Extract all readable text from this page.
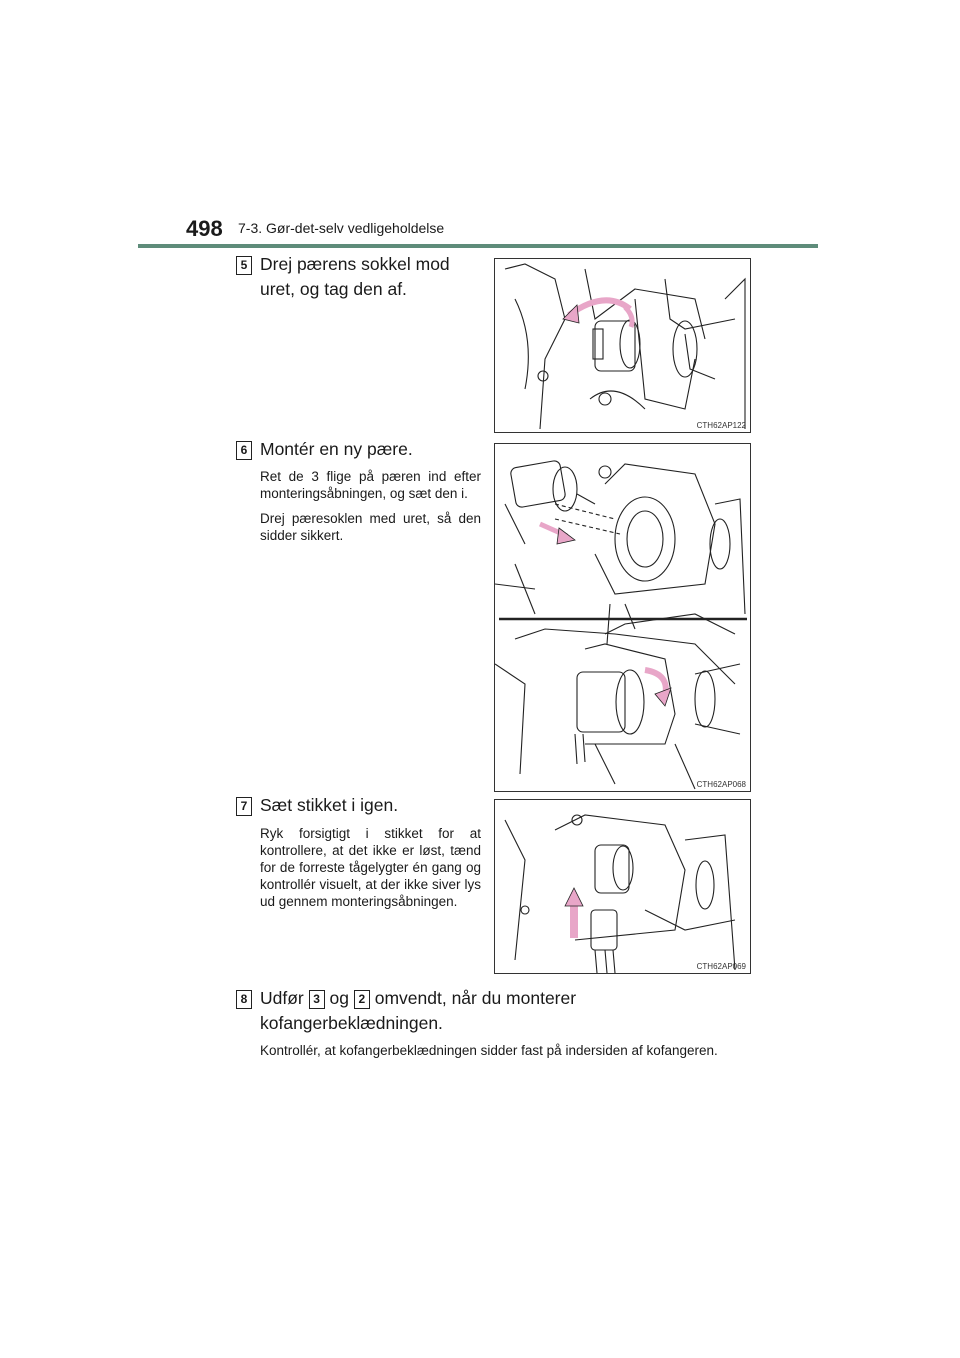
498 7-3. Gør-det-selv vedligeholdelse
5 Drej pærens sokkel mod uret, og tag den af.
CTH62AP122
6 Montér en ny pære.

Ret de 3 flige på pæren ind efter monteringsåbningen, og sæt den i.

Drej pæresoklen med uret, så den sidder sikkert.

CTH62AP068
7 Sæt stikket i igen.

Ryk forsigtigt i stikket for at kontrollere, at det ikke er løst, tænd for de forreste tågelygter én gang og kontrollér visuelt, at der ikke siver lys ud gennem monteringsåbningen.

CTH62AP069
8 Udfør 3 og 2 omvendt, når du monterer kofangerbeklædningen.

Kontrollér, at kofangerbeklædningen sidder fast på indersiden af kofangeren.
